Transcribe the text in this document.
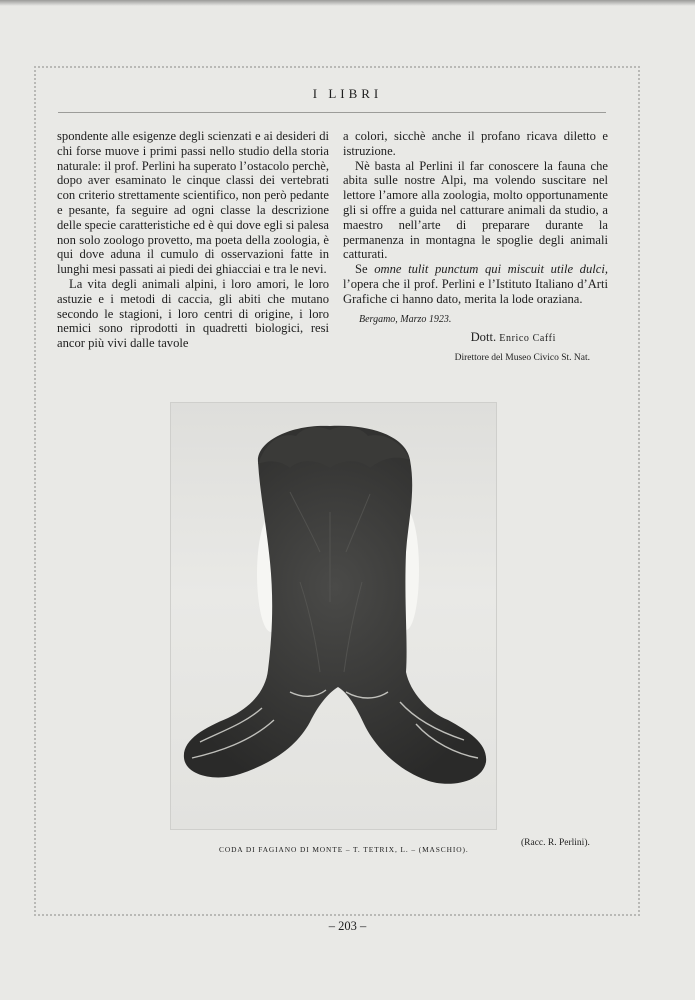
I LIBRI

spondente alle esigenze degli scienzati e ai desideri di chi forse muove i primi passi nello studio della storia naturale: il prof. Perlini ha superato l’ostacolo perchè, dopo aver esaminato le cinque classi dei vertebrati con criterio strettamente scientifico, non però pedante e pesante, fa seguire ad ogni classe la descrizione delle specie caratteristiche ed è qui dove egli si palesa non solo zoologo provetto, ma poeta della zoologia, è qui dove aduna il cumulo di osservazioni fatte in lunghi mesi passati ai piedi dei ghiacciai e tra le nevi.

La vita degli animali alpini, i loro amori, le loro astuzie e i metodi di caccia, gli abiti che mutano secondo le stagioni, i loro centri di origine, i loro nemici sono riprodotti in quadretti biologici, resi ancor più vivi dalle tavole

a colori, sicchè anche il profano ricava diletto e istruzione.

Nè basta al Perlini il far conoscere la fauna che abita sulle nostre Alpi, ma volendo suscitare nel lettore l’amore alla zoologia, molto opportunamente gli si offre a guida nel catturare animali da studio, a maestro nell’arte di preparare durante la permanenza in montagna le spoglie degli animali catturati.

Se omne tulit punctum qui miscuit utile dulci, l’opera che il prof. Perlini e l’Istituto Italiano d’Arti Grafiche ci hanno dato, merita la lode oraziana.

Bergamo, Marzo 1923.

Dott. Enrico Caffi

Direttore del Museo Civico St. Nat.

CODA DI FAGIANO DI MONTE – T. TETRIX, L. – (MASCHIO).
(Racc. R. Perlini).
– 203 –
